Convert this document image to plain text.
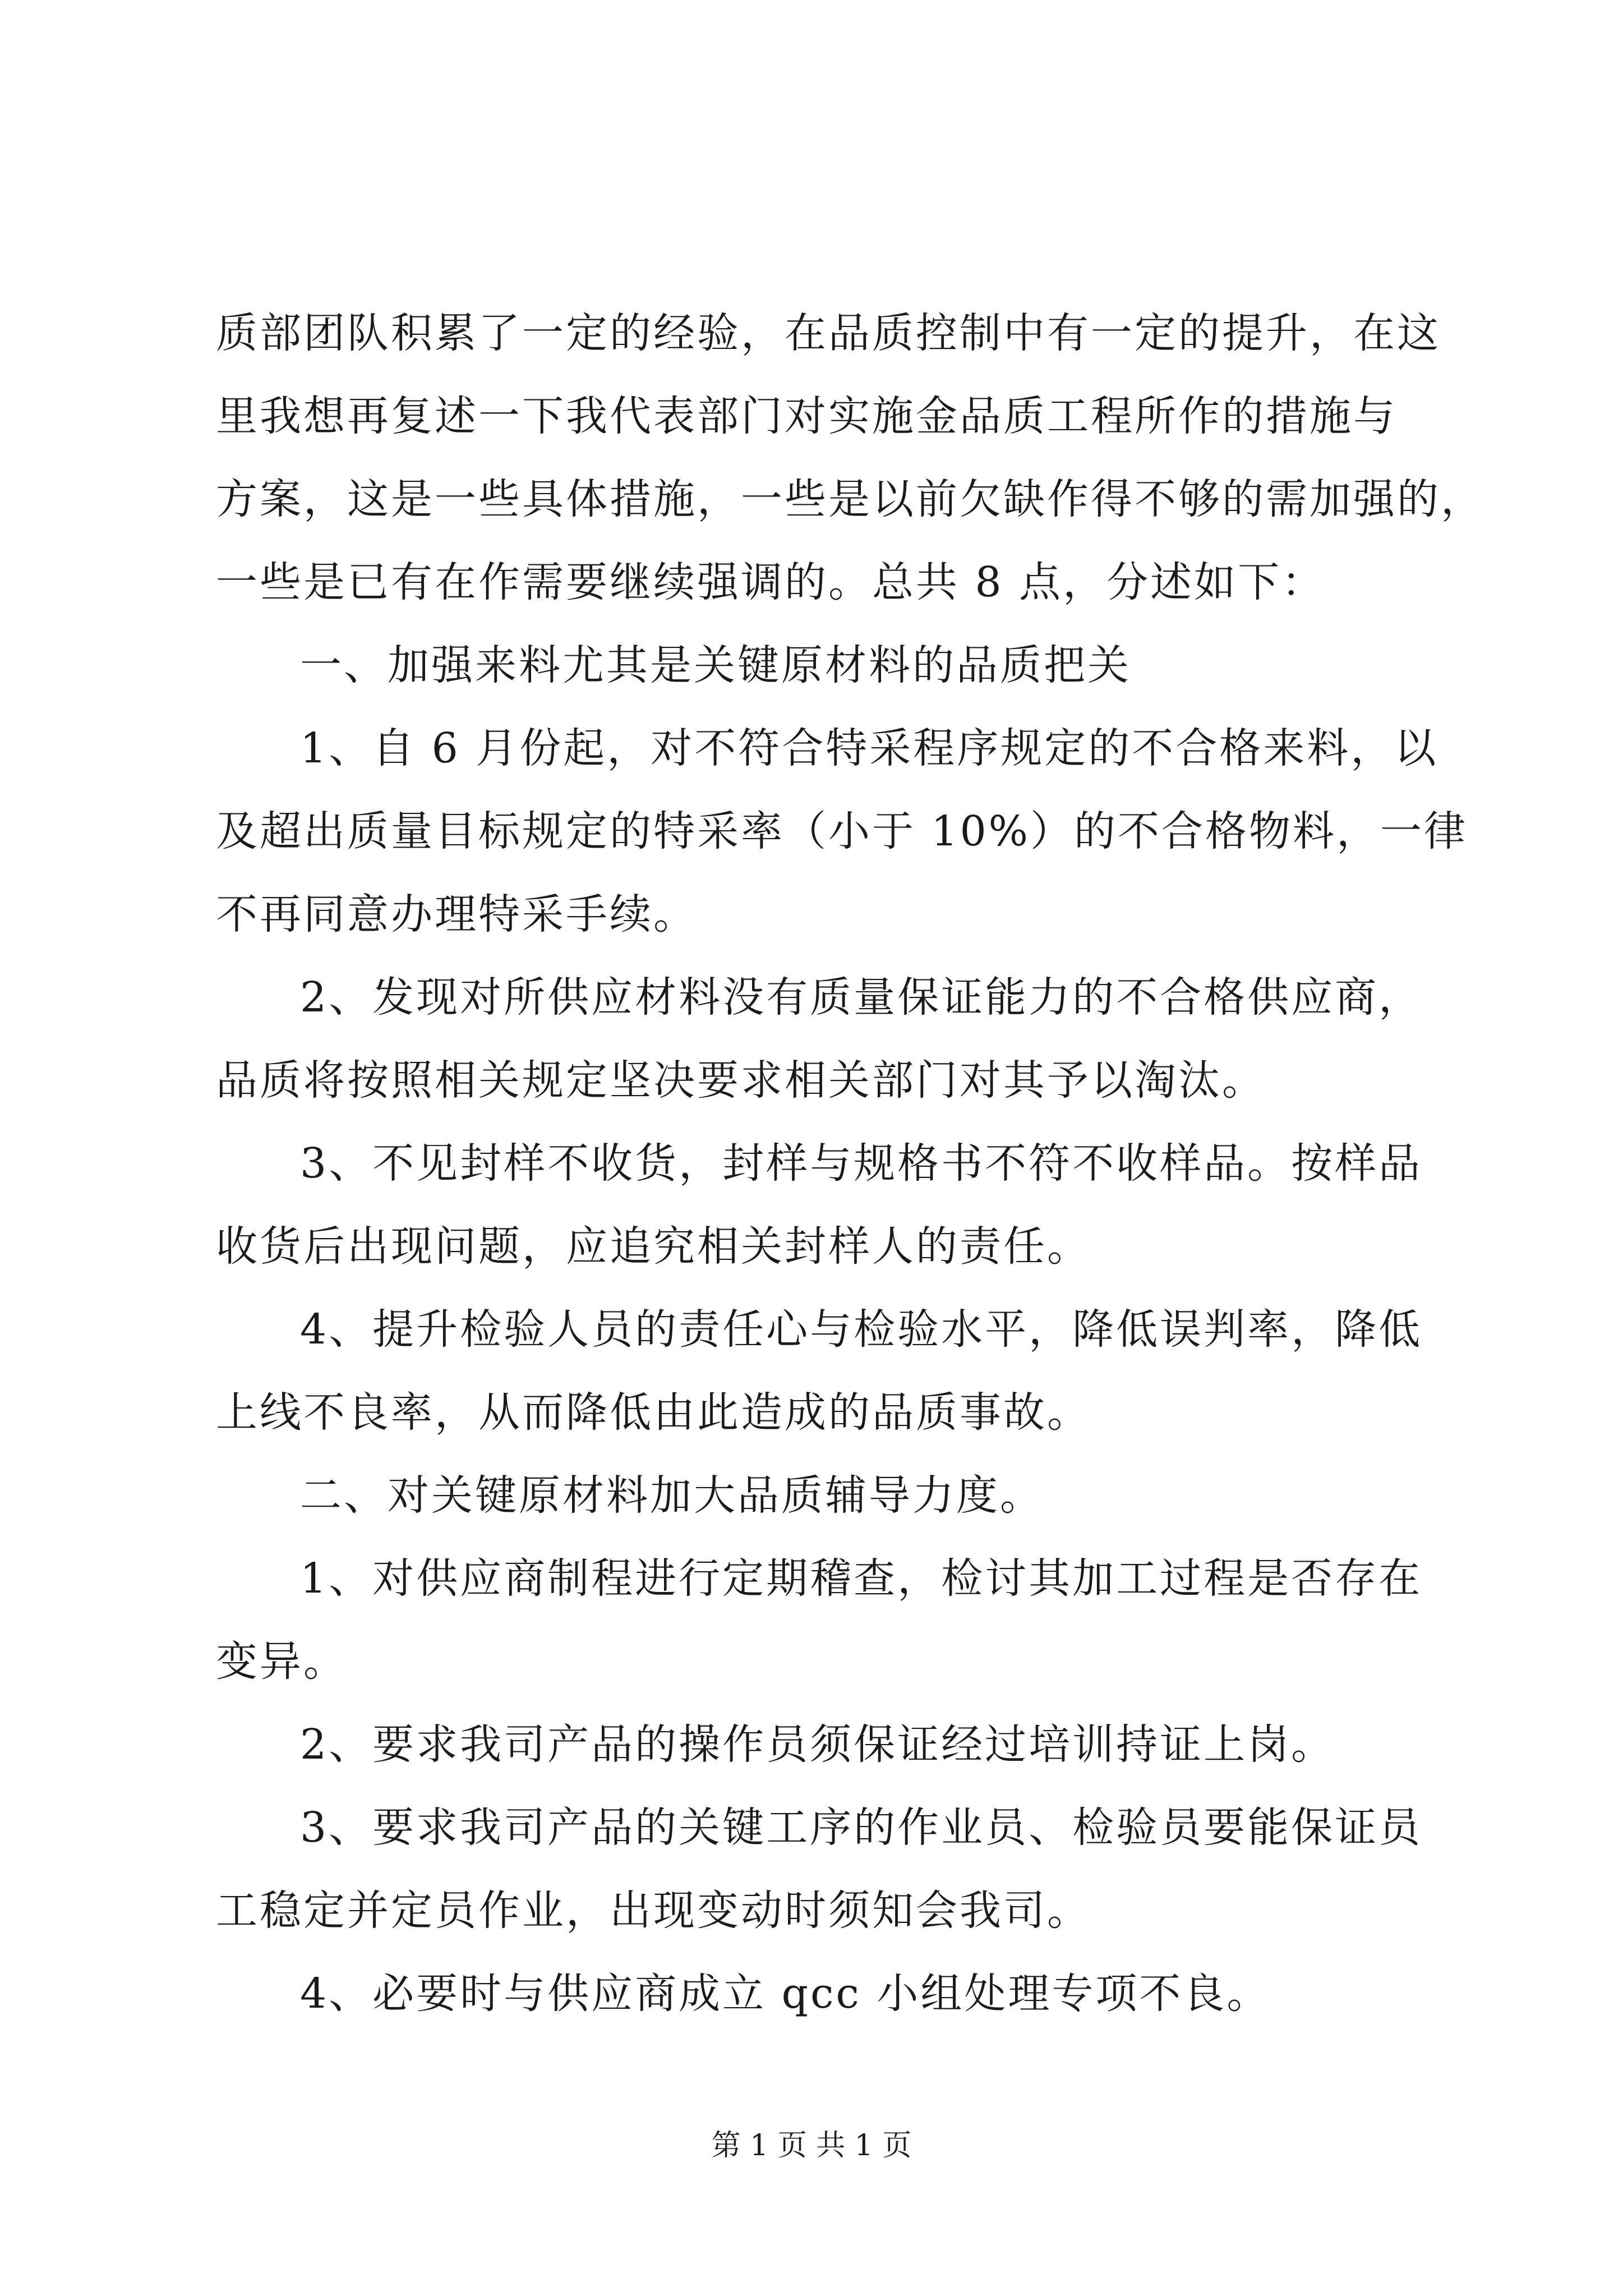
质部团队积累了一定的经验，在品质控制中有一定的提升，在这
里我想再复述一下我代表部门对实施金品质工程所作的措施与
方案，这是一些具体措施，一些是以前欠缺作得不够的需加强的，
一些是已有在作需要继续强调的。总共 8 点，分述如下：
一、加强来料尤其是关键原材料的品质把关
1、自 6 月份起，对不符合特采程序规定的不合格来料，以
及超出质量目标规定的特采率（小于 10%）的不合格物料，一律
不再同意办理特采手续。
2、发现对所供应材料没有质量保证能力的不合格供应商，
品质将按照相关规定坚决要求相关部门对其予以淘汰。
3、不见封样不收货，封样与规格书不符不收样品。按样品
收货后出现问题，应追究相关封样人的责任。
4、提升检验人员的责任心与检验水平，降低误判率，降低
上线不良率，从而降低由此造成的品质事故。
二、对关键原材料加大品质辅导力度。
1、对供应商制程进行定期稽查，检讨其加工过程是否存在
变异。
2、要求我司产品的操作员须保证经过培训持证上岗。
3、要求我司产品的关键工序的作业员、检验员要能保证员
工稳定并定员作业，出现变动时须知会我司。
4、必要时与供应商成立 qcc 小组处理专项不良。
第 1 页 共 1 页
